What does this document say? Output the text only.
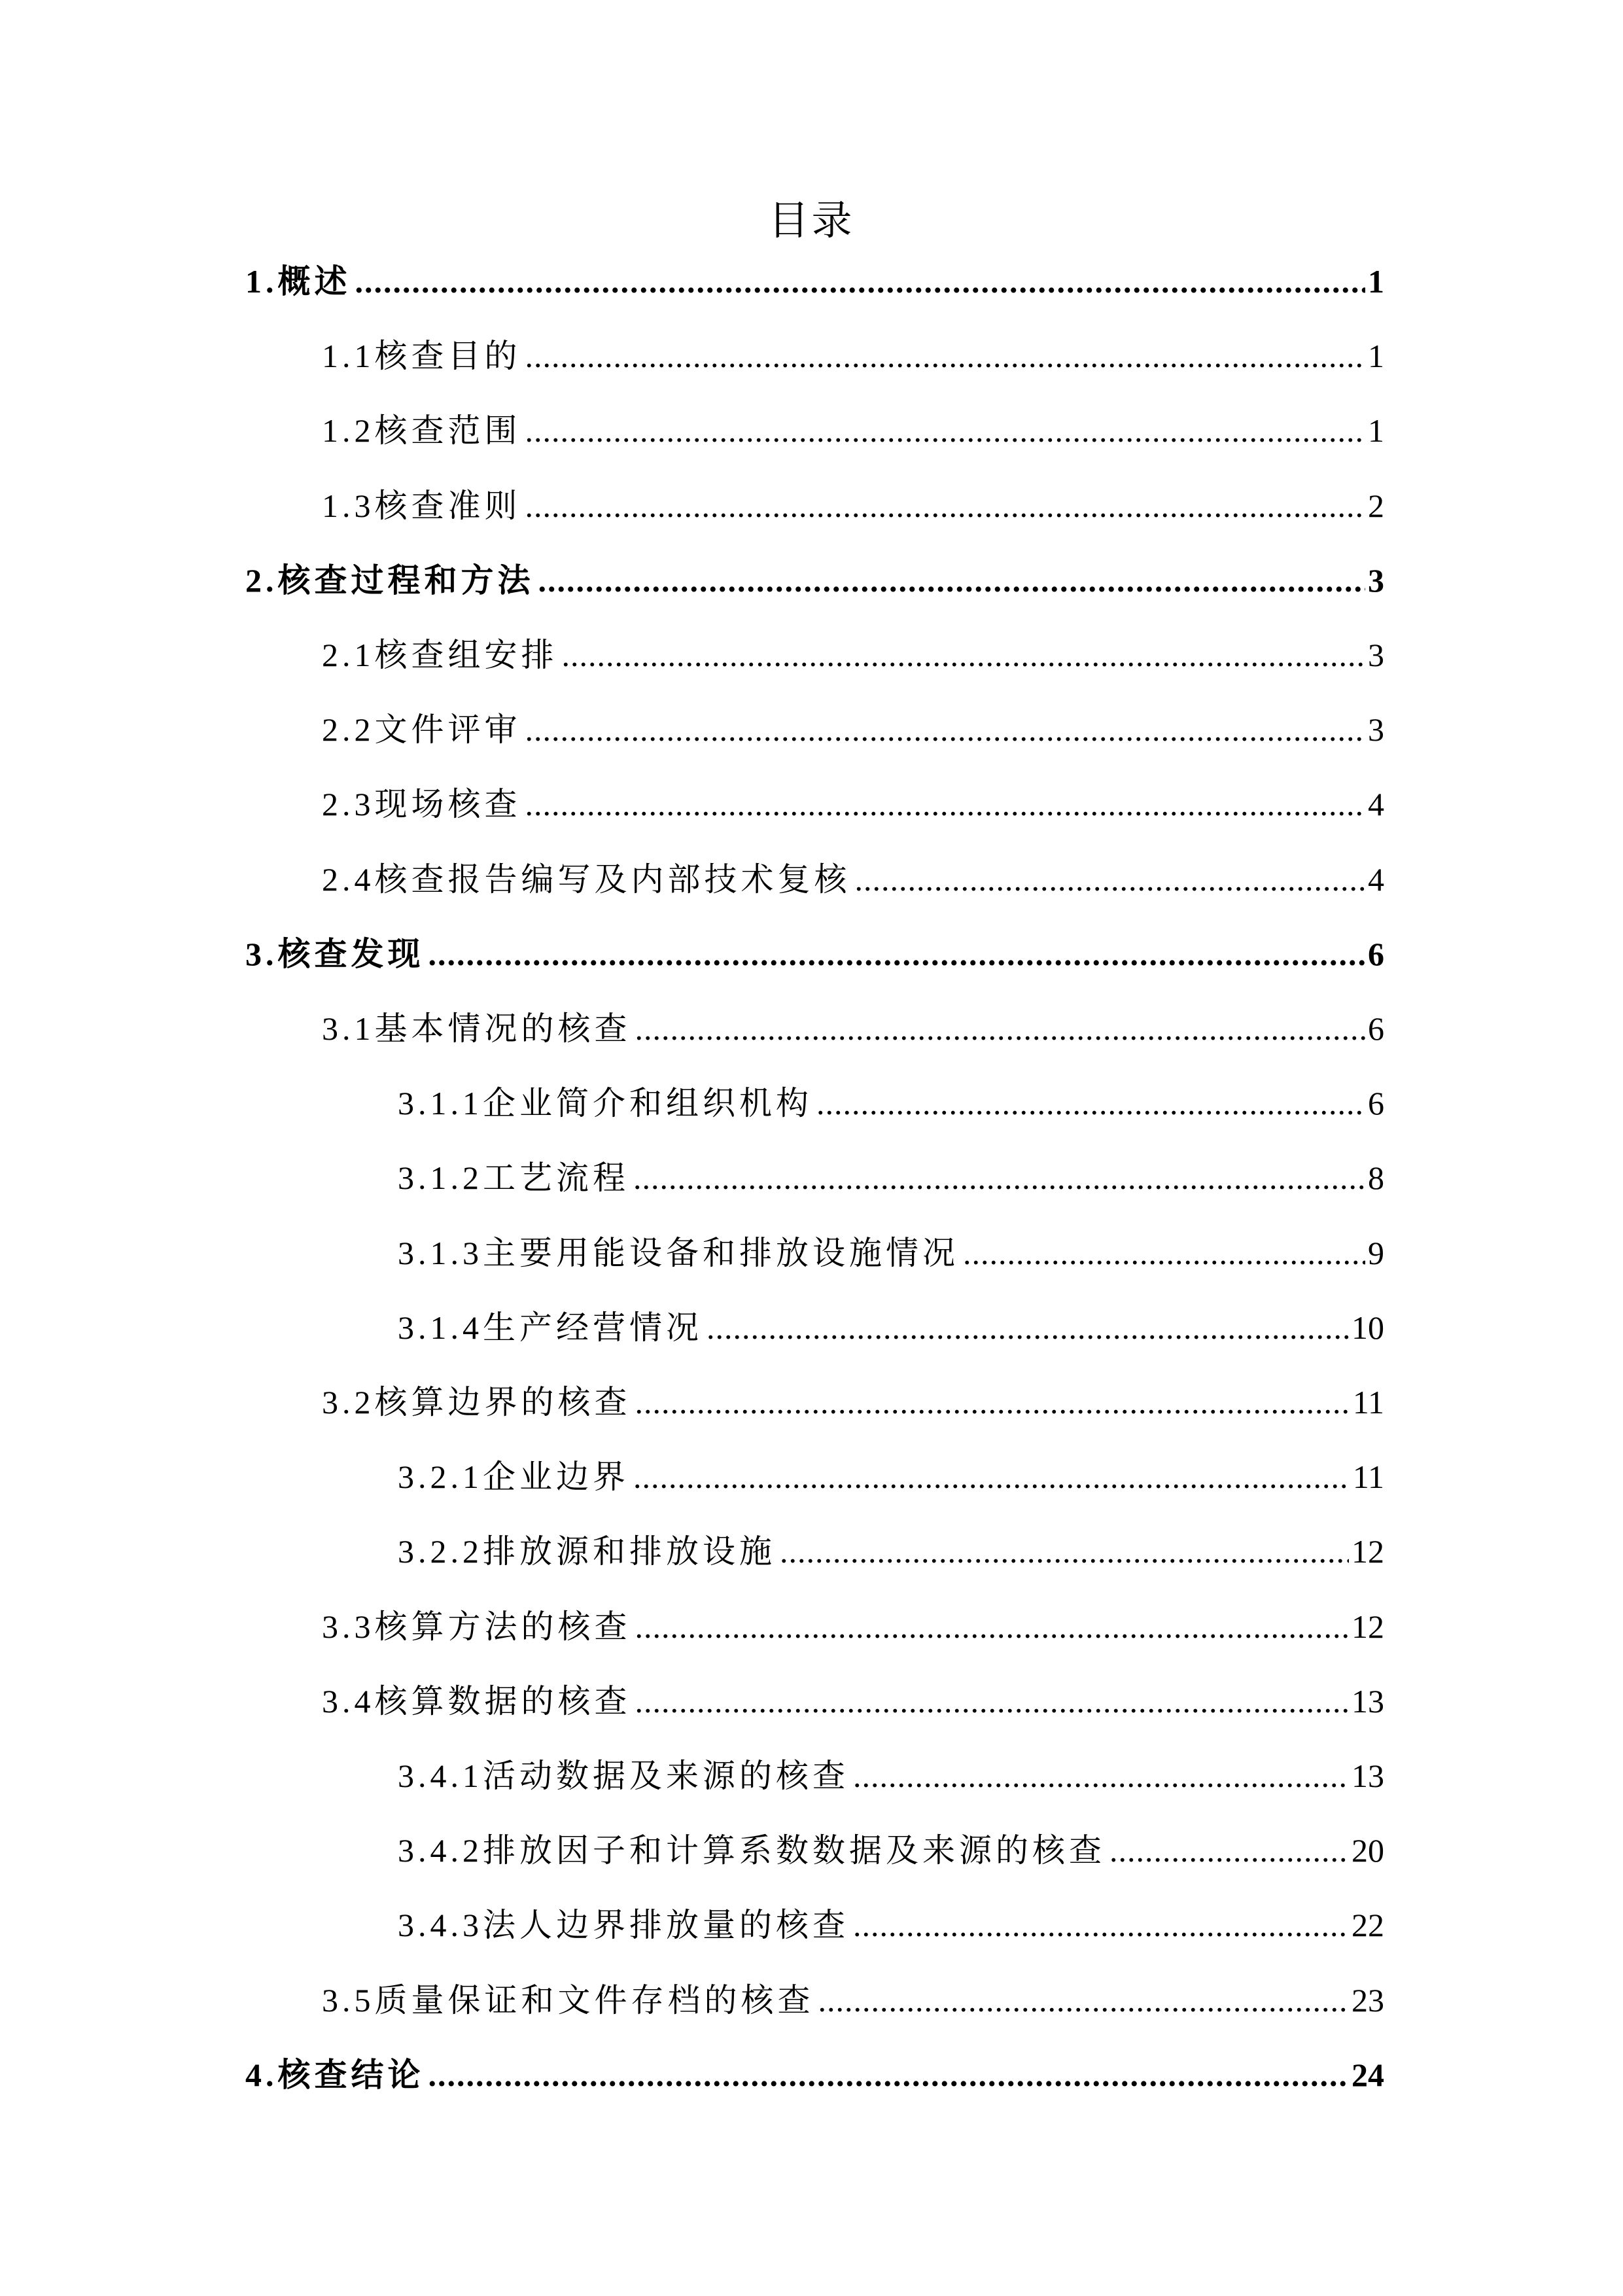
目录
1.概述 .....	1
1.1核查目的 .....	1
1.2核查范围 .....	1
1.3核查准则 .....	2
2.核查过程和方法 .....	3
2.1核查组安排 .....	3
2.2文件评审 .....	3
2.3现场核查 .....	4
2.4核查报告编写及内部技术复核 .....	4
3.核查发现 .....	6
3.1基本情况的核查 .....	6
3.1.1企业简介和组织机构 .....	6
3.1.2工艺流程 .....	8
3.1.3主要用能设备和排放设施情况 .....	9
3.1.4生产经营情况 .....	10
3.2核算边界的核查 .....	11
3.2.1企业边界 .....	11
3.2.2排放源和排放设施 .....	12
3.3核算方法的核查 .....	12
3.4核算数据的核查 .....	13
3.4.1活动数据及来源的核查 .....	13
3.4.2排放因子和计算系数数据及来源的核查 .....	20
3.4.3法人边界排放量的核查 .....	22
3.5质量保证和文件存档的核查 .....	23
4.核查结论 .....	24
